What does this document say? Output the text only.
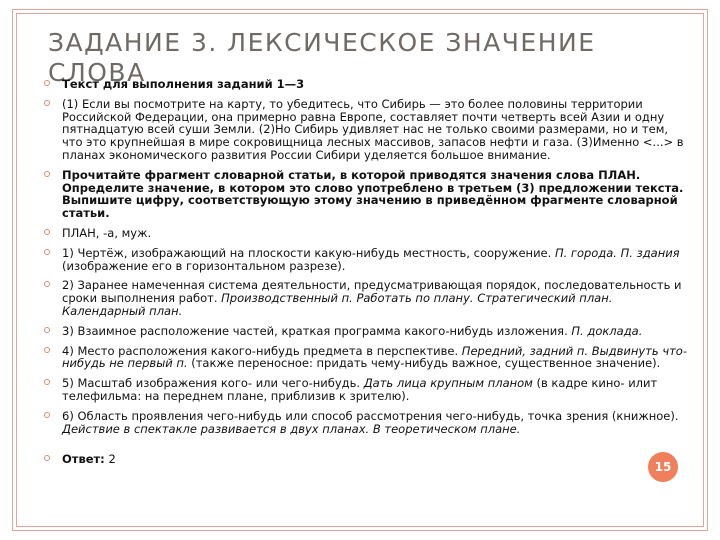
ЗАДАНИЕ 3. ЛЕКСИЧЕСКОЕ ЗНАЧЕНИЕ СЛОВА
Текст для выполнения заданий 1—3
(1) Если вы посмотрите на карту, то убедитесь, что Сибирь — это более половины территории Российской Федерации, она примерно равна Европе, составляет почти четверть всей Азии и одну пятнадцатую всей суши Земли. (2)Но Сибирь удивляет нас не только своими размерами, но и тем, что это крупнейшая в мире сокровищница лесных массивов, запасов нефти и газа. (3)Именно <...> в планах экономического развития России Сибири уделяется большое внимание.
Прочитайте фрагмент словарной статьи, в которой приводятся значения слова ПЛАН. Определите значение, в котором это слово употреблено в третьем (3) предложении текста. Выпишите цифру, соответствующую этому значению в приведённом фрагменте словарной статьи.
ПЛАН, -а, муж.
1) Чертёж, изображающий на плоскости какую-нибудь местность, сооружение. П. города. П. здания (изображение его в горизонтальном разрезе).
2) Заранее намеченная система деятельности, предусматривающая порядок, последовательность и сроки выполнения работ. Производственный п. Работать по плану. Стратегический план. Календарный план.
3) Взаимное расположение частей, краткая программа какого-нибудь изложения. П. доклада.
4) Место расположения какого-нибудь предмета в перспективе. Передний, задний п. Выдвинуть что-нибудь не первый п. (также переносное: придать чему-нибудь важное, существенное значение).
5) Масштаб изображения кого- или чего-нибудь. Дать лица крупным планом (в кадре кино- илит телефильма: на переднем плане, приблизив к зрителю).
6) Область проявления чего-нибудь или способ рассмотрения чего-нибудь, точка зрения (книжное). Действие в спектакле развивается в двух планах. В теоретическом плане.
Ответ: 2
15
